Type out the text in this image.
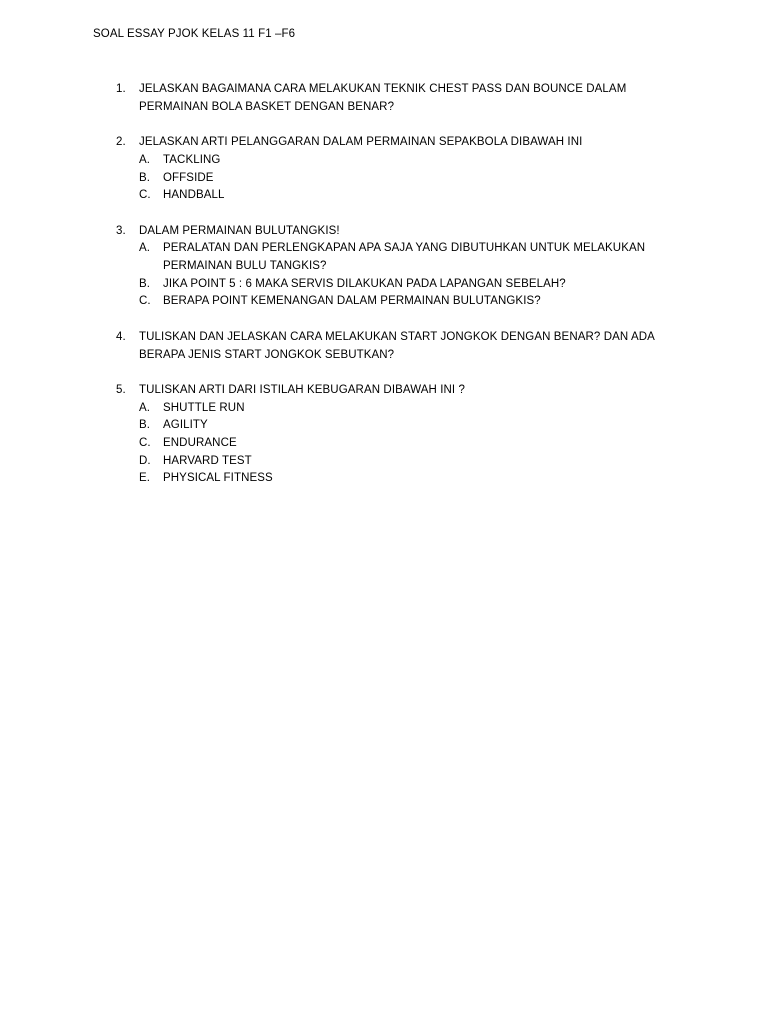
SOAL ESSAY PJOK KELAS 11 F1 –F6
1. JELASKAN BAGAIMANA CARA MELAKUKAN TEKNIK CHEST PASS DAN BOUNCE DALAM PERMAINAN BOLA BASKET DENGAN BENAR?
2. JELASKAN ARTI PELANGGARAN DALAM PERMAINAN SEPAKBOLA DIBAWAH INI
A. TACKLING
B. OFFSIDE
C. HANDBALL
3. DALAM PERMAINAN BULUTANGKIS!
A. PERALATAN DAN PERLENGKAPAN APA SAJA YANG DIBUTUHKAN UNTUK MELAKUKAN PERMAINAN BULU TANGKIS?
B. JIKA POINT 5 : 6 MAKA SERVIS DILAKUKAN PADA LAPANGAN SEBELAH?
C. BERAPA POINT KEMENANGAN DALAM PERMAINAN BULUTANGKIS?
4. TULISKAN DAN JELASKAN CARA MELAKUKAN START JONGKOK DENGAN BENAR? DAN ADA BERAPA JENIS START JONGKOK SEBUTKAN?
5. TULISKAN ARTI DARI ISTILAH KEBUGARAN DIBAWAH INI ?
A. SHUTTLE RUN
B. AGILITY
C. ENDURANCE
D. HARVARD TEST
E. PHYSICAL FITNESS
